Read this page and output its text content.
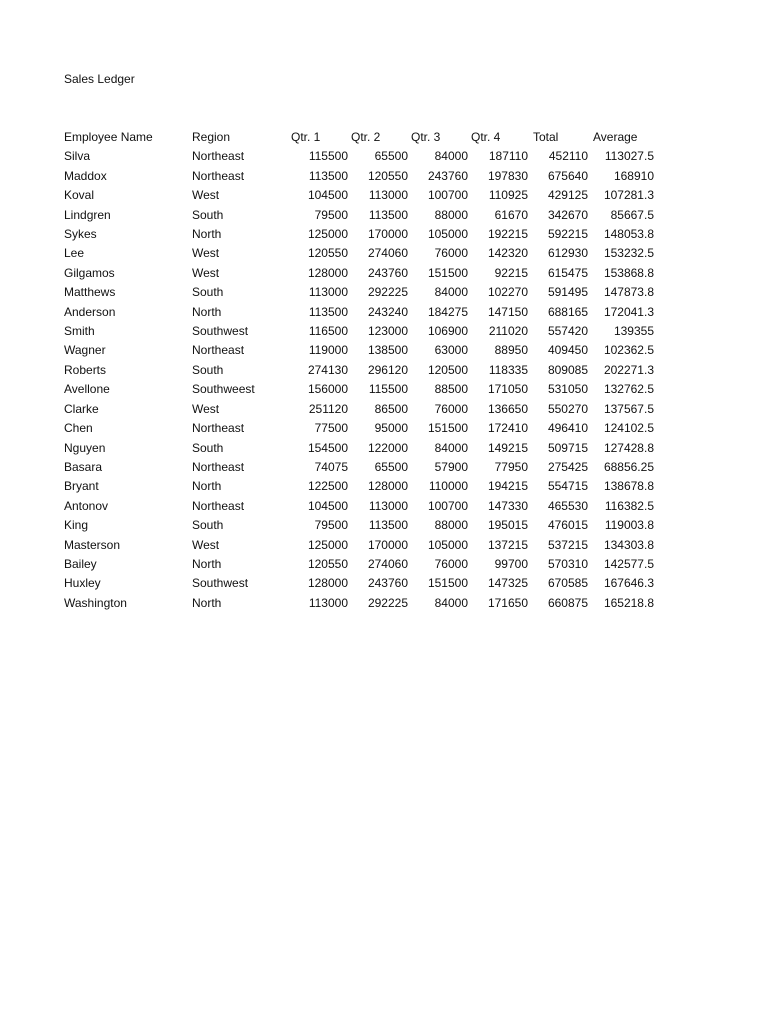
Sales Ledger
Employee Name	Region	Qtr. 1	Qtr. 2	Qtr. 3	Qtr. 4	Total	Average
Silva	Northeast	115500	65500	84000	187110	452110	113027.5
Maddox	Northeast	113500	120550	243760	197830	675640	168910
Koval	West	104500	113000	100700	110925	429125	107281.3
Lindgren	South	79500	113500	88000	61670	342670	85667.5
Sykes	North	125000	170000	105000	192215	592215	148053.8
Lee	West	120550	274060	76000	142320	612930	153232.5
Gilgamos	West	128000	243760	151500	92215	615475	153868.8
Matthews	South	113000	292225	84000	102270	591495	147873.8
Anderson	North	113500	243240	184275	147150	688165	172041.3
Smith	Southwest	116500	123000	106900	211020	557420	139355
Wagner	Northeast	119000	138500	63000	88950	409450	102362.5
Roberts	South	274130	296120	120500	118335	809085	202271.3
Avellone	Southweest	156000	115500	88500	171050	531050	132762.5
Clarke	West	251120	86500	76000	136650	550270	137567.5
Chen	Northeast	77500	95000	151500	172410	496410	124102.5
Nguyen	South	154500	122000	84000	149215	509715	127428.8
Basara	Northeast	74075	65500	57900	77950	275425	68856.25
Bryant	North	122500	128000	110000	194215	554715	138678.8
Antonov	Northeast	104500	113000	100700	147330	465530	116382.5
King	South	79500	113500	88000	195015	476015	119003.8
Masterson	West	125000	170000	105000	137215	537215	134303.8
Bailey	North	120550	274060	76000	99700	570310	142577.5
Huxley	Southwest	128000	243760	151500	147325	670585	167646.3
Washington	North	113000	292225	84000	171650	660875	165218.8
